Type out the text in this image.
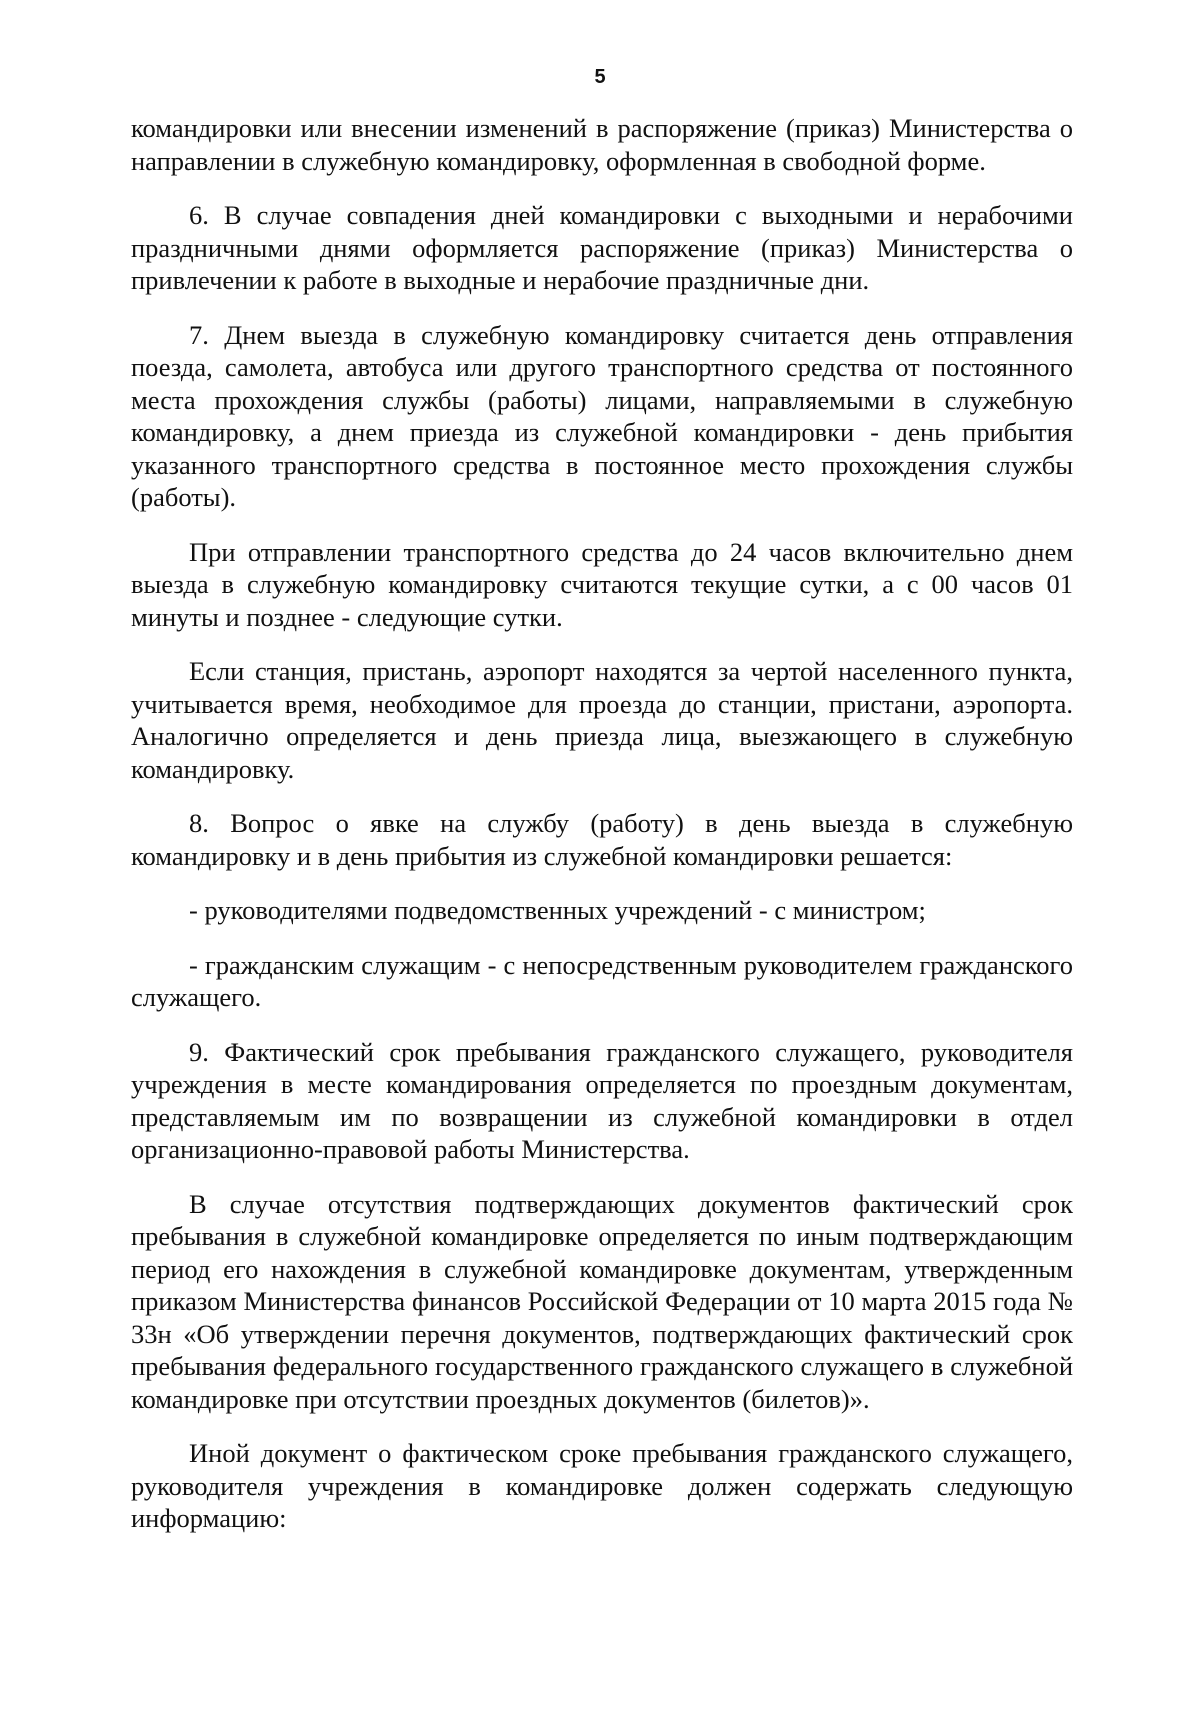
5

командировки или внесении изменений в распоряжение (приказ) Министерства о направлении в служебную командировку, оформленная в свободной форме.

6. В случае совпадения дней командировки с выходными и нерабочими праздничными днями оформляется распоряжение (приказ) Министерства о привлечении к работе в выходные и нерабочие праздничные дни.

7. Днем выезда в служебную командировку считается день отправления поезда, самолета, автобуса или другого транспортного средства от постоянного места прохождения службы (работы) лицами, направляемыми в служебную командировку, а днем приезда из служебной командировки - день прибытия указанного транспортного средства в постоянное место прохождения службы (работы).

При отправлении транспортного средства до 24 часов включительно днем выезда в служебную командировку считаются текущие сутки, а с 00 часов 01 минуты и позднее - следующие сутки.

Если станция, пристань, аэропорт находятся за чертой населенного пункта, учитывается время, необходимое для проезда до станции, пристани, аэропорта. Аналогично определяется и день приезда лица, выезжающего в служебную командировку.

8. Вопрос о явке на службу (работу) в день выезда в служебную командировку и в день прибытия из служебной командировки решается:

- руководителями подведомственных учреждений - с министром;

- гражданским служащим - с непосредственным руководителем гражданского служащего.

9. Фактический срок пребывания гражданского служащего, руководителя учреждения в месте командирования определяется по проездным документам, представляемым им по возвращении из служебной командировки в отдел организационно-правовой работы Министерства.

В случае отсутствия подтверждающих документов фактический срок пребывания в служебной командировке определяется по иным подтверждающим период его нахождения в служебной командировке документам, утвержденным приказом Министерства финансов Российской Федерации от 10 марта 2015 года № 33н «Об утверждении перечня документов, подтверждающих фактический срок пребывания федерального государственного гражданского служащего в служебной командировке при отсутствии проездных документов (билетов)».

Иной документ о фактическом сроке пребывания гражданского служащего, руководителя учреждения в командировке должен содержать следующую информацию:
